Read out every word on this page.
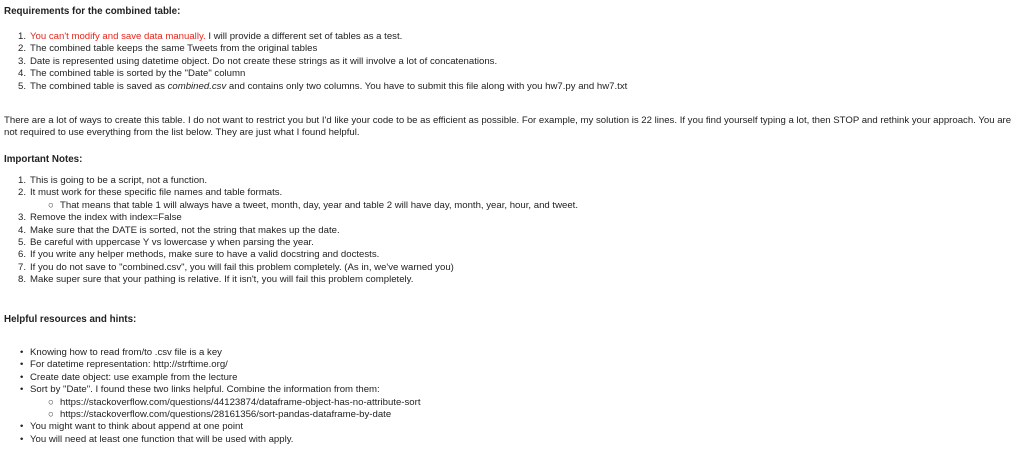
Requirements for the combined table:
1. You can't modify and save data manually. I will provide a different set of tables as a test.
2. The combined table keeps the same Tweets from the original tables
3. Date is represented using datetime object. Do not create these strings as it will involve a lot of concatenations.
4. The combined table is sorted by the "Date" column
5. The combined table is saved as combined.csv and contains only two columns. You have to submit this file along with you hw7.py and hw7.txt

There are a lot of ways to create this table. I do not want to restrict you but I'd like your code to be as efficient as possible. For example, my solution is 22 lines. If you find yourself typing a lot, then STOP and rethink your approach. You are not required to use everything from the list below. They are just what I found helpful.

Important Notes:
1. This is going to be a script, not a function.
2. It must work for these specific file names and table formats.
○ That means that table 1 will always have a tweet, month, day, year and table 2 will have day, month, year, hour, and tweet.
3. Remove the index with index=False
4. Make sure that the DATE is sorted, not the string that makes up the date.
5. Be careful with uppercase Y vs lowercase y when parsing the year.
6. If you write any helper methods, make sure to have a valid docstring and doctests.
7. If you do not save to "combined.csv", you will fail this problem completely. (As in, we've warned you)
8. Make super sure that your pathing is relative. If it isn't, you will fail this problem completely.
Helpful resources and hints:
• Knowing how to read from/to .csv file is a key
• For datetime representation: http://strftime.org/
• Create date object: use example from the lecture
• Sort by "Date". I found these two links helpful. Combine the information from them:
○ https://stackoverflow.com/questions/44123874/dataframe-object-has-no-attribute-sort
○ https://stackoverflow.com/questions/28161356/sort-pandas-dataframe-by-date
• You might want to think about append at one point
• You will need at least one function that will be used with apply.
